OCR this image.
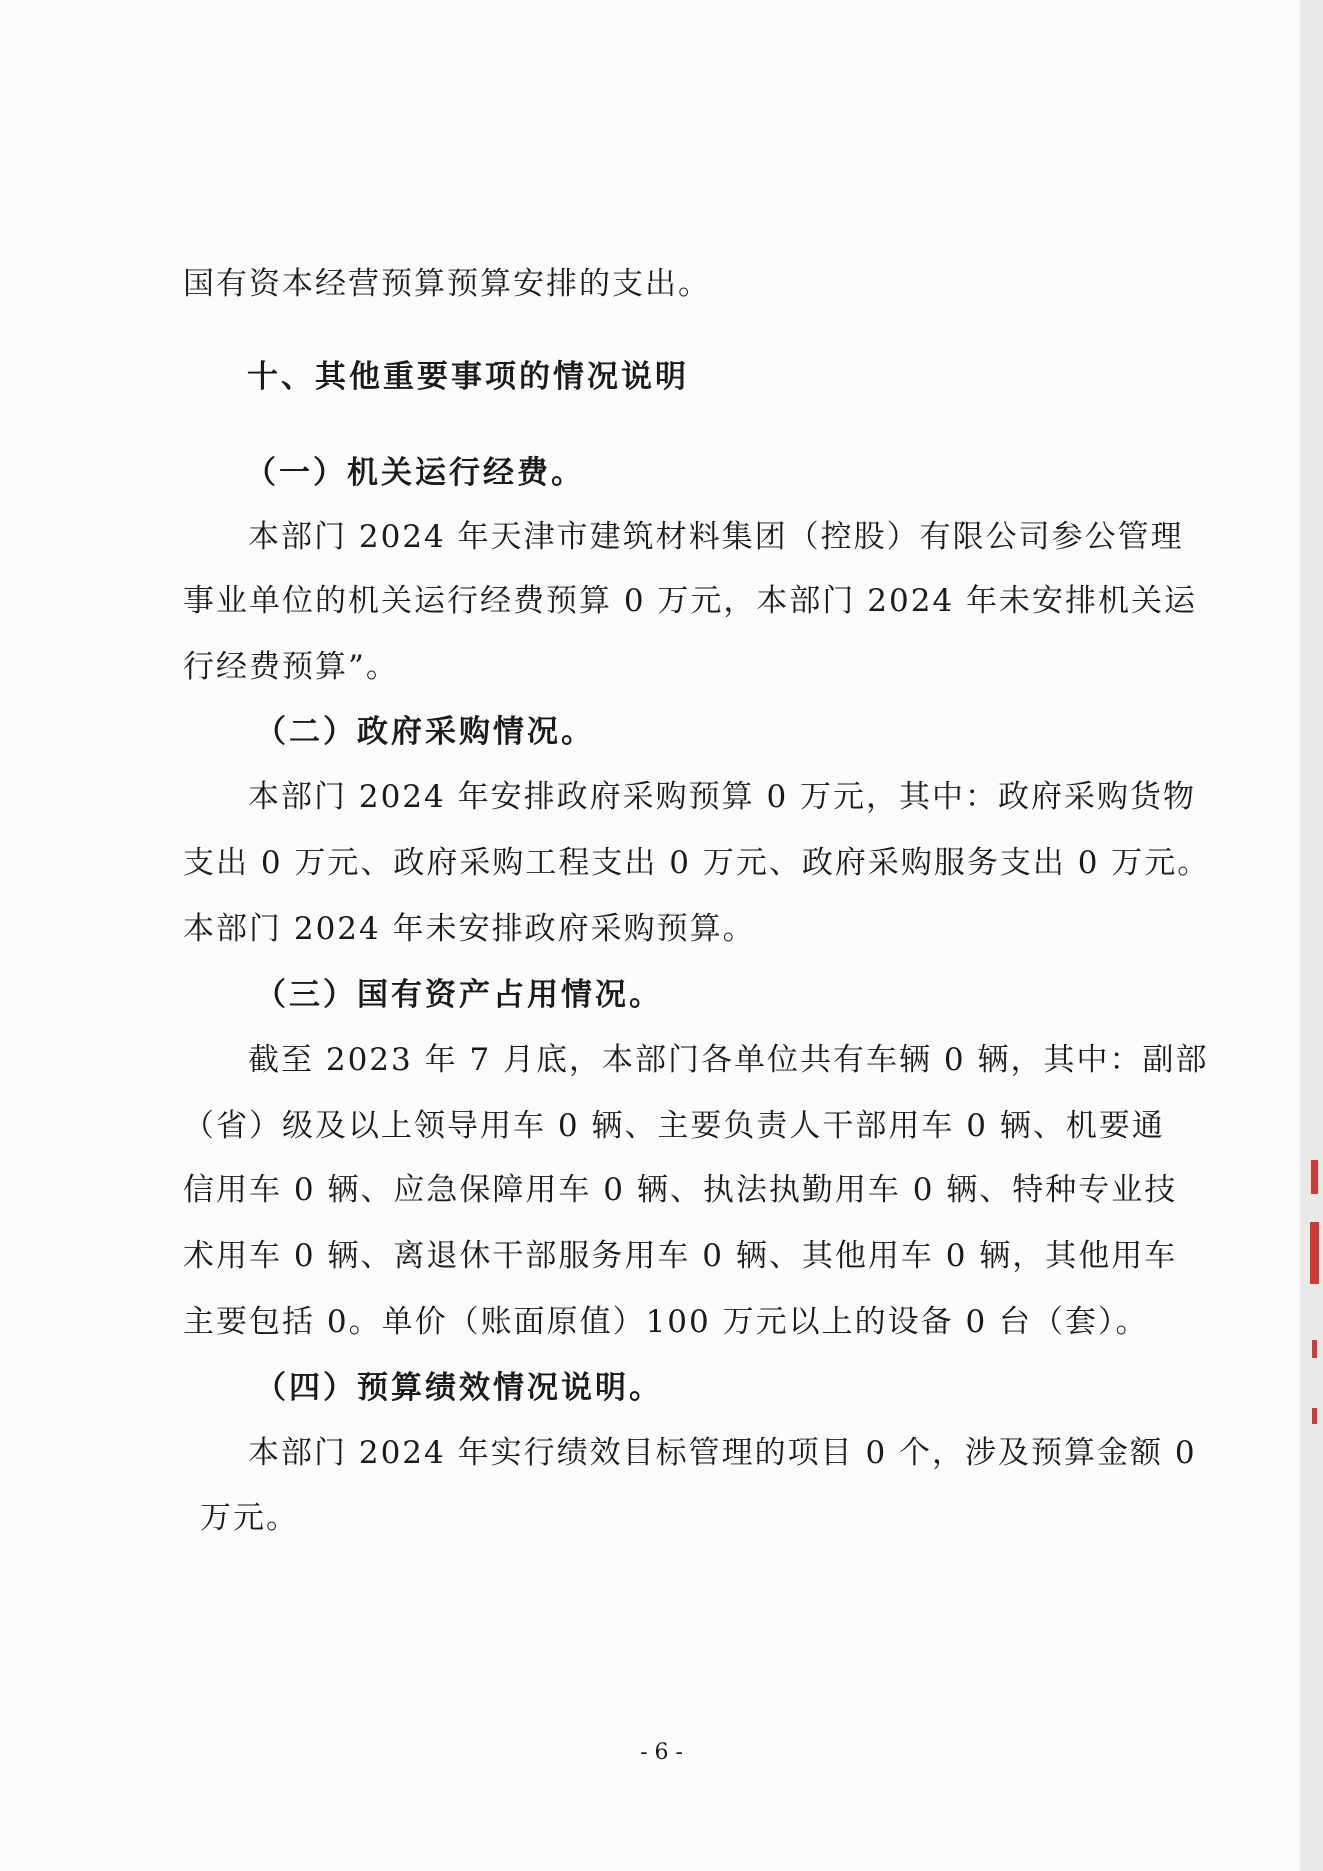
国有资本经营预算预算安排的支出。
十、其他重要事项的情况说明
（一）机关运行经费。
本部门 2024 年天津市建筑材料集团（控股）有限公司参公管理
事业单位的机关运行经费预算 0 万元，本部门 2024 年未安排机关运
行经费预算”。
（二）政府采购情况。
本部门 2024 年安排政府采购预算 0 万元，其中：政府采购货物
支出 0 万元、政府采购工程支出 0 万元、政府采购服务支出 0 万元。
本部门 2024 年未安排政府采购预算。
（三）国有资产占用情况。
截至 2023 年 7 月底，本部门各单位共有车辆 0 辆，其中：副部
（省）级及以上领导用车 0 辆、主要负责人干部用车 0 辆、机要通
信用车 0 辆、应急保障用车 0 辆、执法执勤用车 0 辆、特种专业技
术用车 0 辆、离退休干部服务用车 0 辆、其他用车 0 辆，其他用车
主要包括 0。单价（账面原值）100 万元以上的设备 0 台（套）。
（四）预算绩效情况说明。
本部门 2024 年实行绩效目标管理的项目 0 个，涉及预算金额 0
万元。
- 6 -
